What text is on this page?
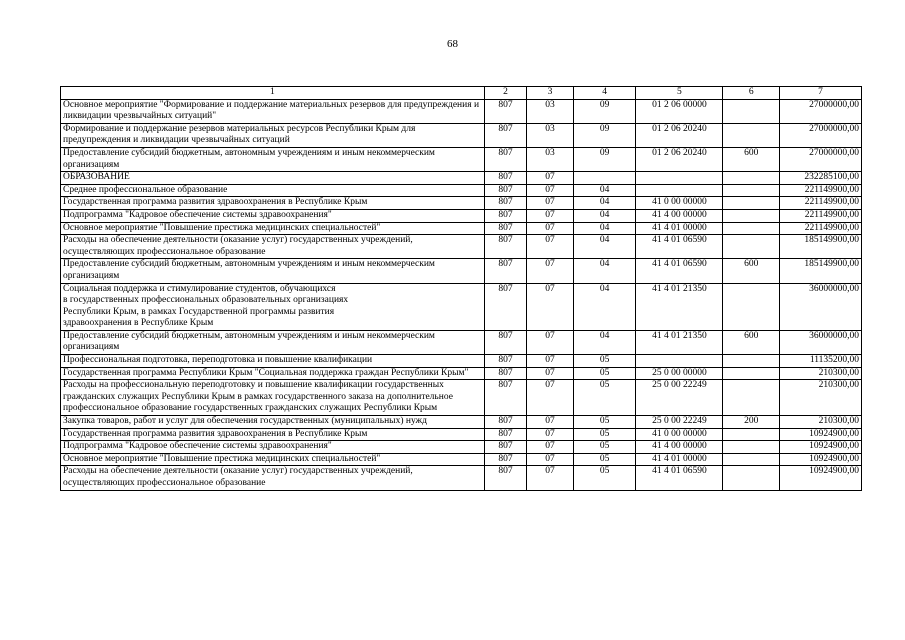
68
1	2	3	4	5	6	7
Основное мероприятие "Формирование и поддержание материальных резервов для предупреждения и ликвидации чрезвычайных ситуаций"	807	03	09	01 2 06 00000		27000000,00
Формирование и поддержание резервов материальных ресурсов Республики Крым для предупреждения и ликвидации чрезвычайных ситуаций	807	03	09	01 2 06 20240		27000000,00
Предоставление субсидий бюджетным, автономным учреждениям и иным некоммерческим организациям	807	03	09	01 2 06 20240	600	27000000,00
ОБРАЗОВАНИЕ	807	07				232285100,00
Среднее профессиональное образование	807	07	04			221149900,00
Государственная программа развития здравоохранения в Республике Крым	807	07	04	41 0 00 00000		221149900,00
Подпрограмма "Кадровое обеспечение системы здравоохранения"	807	07	04	41 4 00 00000		221149900,00
Основное мероприятие "Повышение престижа медицинских специальностей"	807	07	04	41 4 01 00000		221149900,00
Расходы на обеспечение деятельности (оказание услуг) государственных учреждений, осуществляющих профессиональное образование	807	07	04	41 4 01 06590		185149900,00
Предоставление субсидий бюджетным, автономным учреждениям и иным некоммерческим организациям	807	07	04	41 4 01 06590	600	185149900,00
Социальная поддержка и стимулирование студентов, обучающихся
в государственных профессиональных образовательных организациях
Республики Крым, в рамках Государственной программы развития
здравоохранения в Республике Крым	807	07	04	41 4 01 21350		36000000,00
Предоставление субсидий бюджетным, автономным учреждениям и иным некоммерческим организациям	807	07	04	41 4 01 21350	600	36000000,00
Профессиональная подготовка, переподготовка и повышение квалификации	807	07	05			11135200,00
Государственная программа Республики Крым "Социальная поддержка граждан Республики Крым"	807	07	05	25 0 00 00000		210300,00
Расходы на профессиональную переподготовку и повышение квалификации государственных гражданских служащих Республики Крым в рамках государственного заказа на дополнительное профессиональное образование государственных гражданских служащих Республики Крым	807	07	05	25 0 00 22249		210300,00
Закупка товаров, работ и услуг для обеспечения государственных (муниципальных) нужд	807	07	05	25 0 00 22249	200	210300,00
Государственная программа развития здравоохранения в Республике Крым	807	07	05	41 0 00 00000		10924900,00
Подпрограмма "Кадровое обеспечение системы здравоохранения"	807	07	05	41 4 00 00000		10924900,00
Основное мероприятие "Повышение престижа медицинских специальностей"	807	07	05	41 4 01 00000		10924900,00
Расходы на обеспечение деятельности (оказание услуг) государственных учреждений, осуществляющих профессиональное образование	807	07	05	41 4 01 06590		10924900,00
